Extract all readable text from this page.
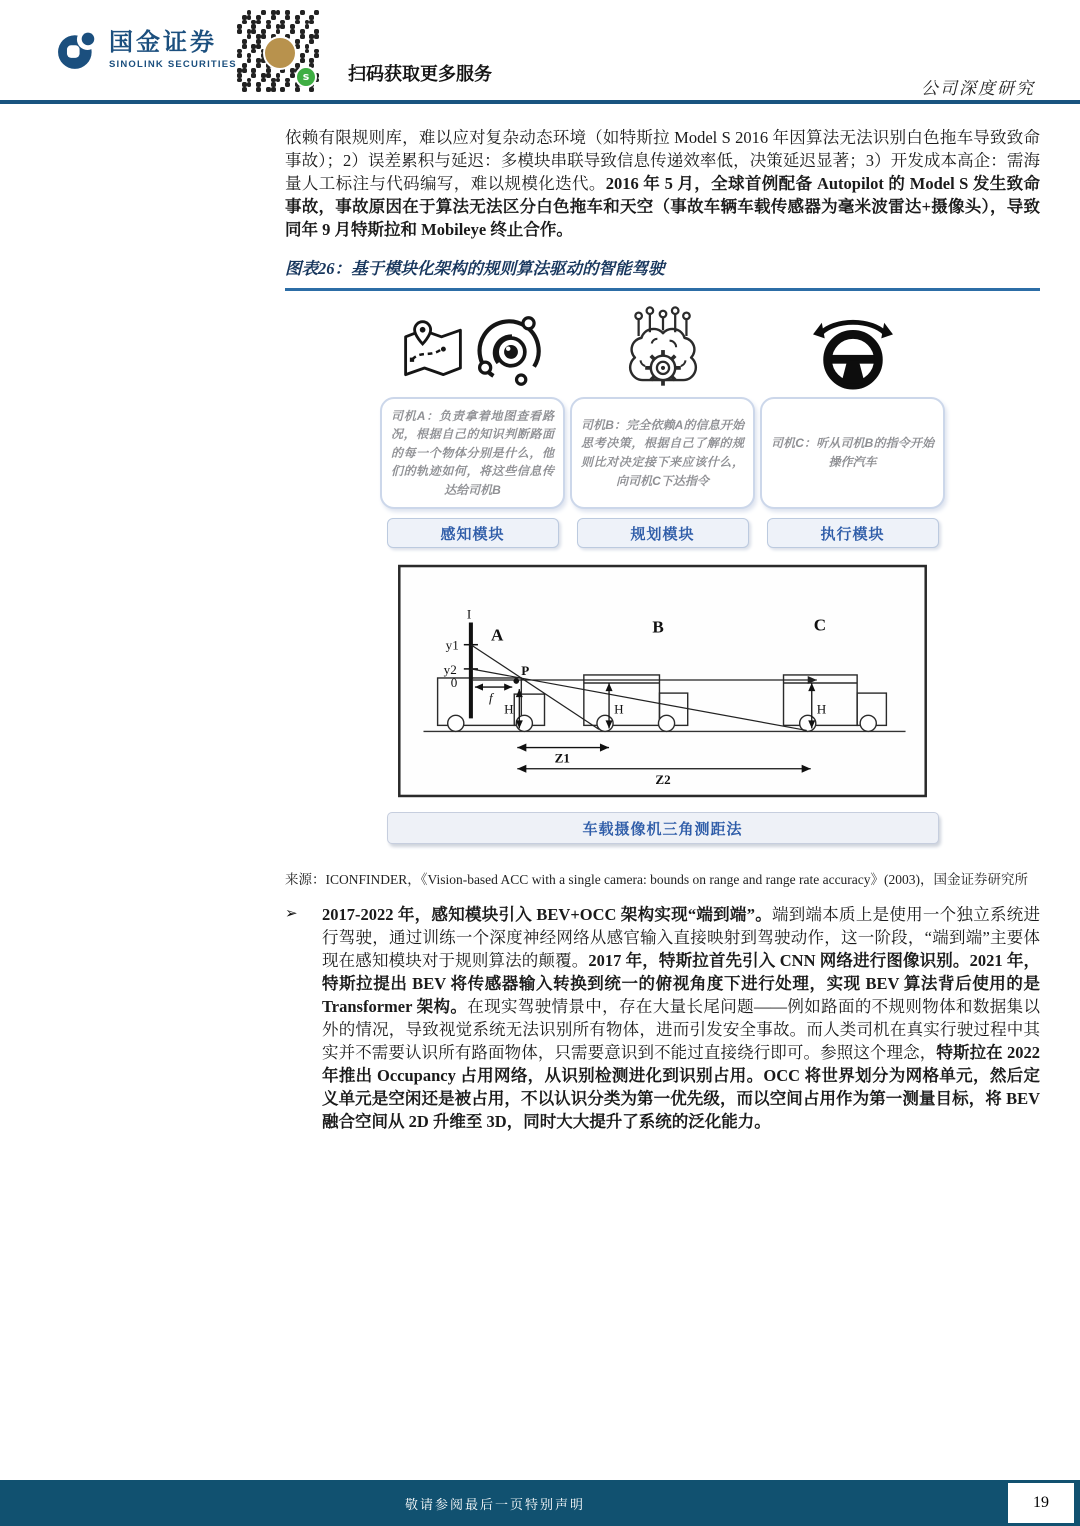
国金证券
SINOLINK SECURITIES
s	扫码获取更多服务
公司深度研究

依赖有限规则库，难以应对复杂动态环境（如特斯拉 Model S 2016 年因算法无法识别白色拖车导致致命事故）；2）误差累积与延迟：多模块串联导致信息传递效率低，决策延迟显著；3）开发成本高企：需海量人工标注与代码编写，难以规模化迭代。2016 年 5 月，全球首例配备 Autopilot 的 Model S 发生致命事故，事故原因在于算法无法区分白色拖车和天空（事故车辆车载传感器为毫米波雷达+摄像头），导致同年 9 月特斯拉和 Mobileye 终止合作。

图表26：基于模块化架构的规则算法驱动的智能驾驶

司机A：负责拿着地图查看路况，根据自己的知识判断路面的每一个物体分别是什么，他们的轨迹如何，将这些信息传达给司机B

感知模块

司机B：完全依赖A的信息开始思考决策，根据自己了解的规则比对决定接下来应该什么，向司机C下达指令

规划模块

司机C：听从司机B的指令开始操作汽车

执行模块
I
A	B	C
y1
y2
0
P
f
H	H	H
Z1
Z2
车载摄像机三角测距法
来源：ICONFINDER，《Vision-based ACC with a single camera: bounds on range and range rate accuracy》(2003)，国金证券研究所
➢	2017-2022 年，感知模块引入 BEV+OCC 架构实现“端到端”。端到端本质上是使用一个独立系统进行驾驶，通过训练一个深度神经网络从感官输入直接映射到驾驶动作，这一阶段，“端到端”主要体现在感知模块对于规则算法的颠覆。2017 年，特斯拉首先引入 CNN 网络进行图像识别。2021 年，特斯拉提出 BEV 将传感器输入转换到统一的俯视角度下进行处理，实现 BEV 算法背后使用的是 Transformer 架构。在现实驾驶情景中，存在大量长尾问题——例如路面的不规则物体和数据集以外的情况，导致视觉系统无法识别所有物体，进而引发安全事故。而人类司机在真实行驶过程中其实并不需要认识所有路面物体，只需要意识到不能过直接绕行即可。参照这个理念，特斯拉在 2022 年推出 Occupancy 占用网络，从识别检测进化到识别占用。OCC 将世界划分为网格单元，然后定义单元是空闲还是被占用，不以认识分类为第一优先级，而以空间占用作为第一测量目标，将 BEV 融合空间从 2D 升维至 3D，同时大大提升了系统的泛化能力。
敬请参阅最后一页特别声明	19
